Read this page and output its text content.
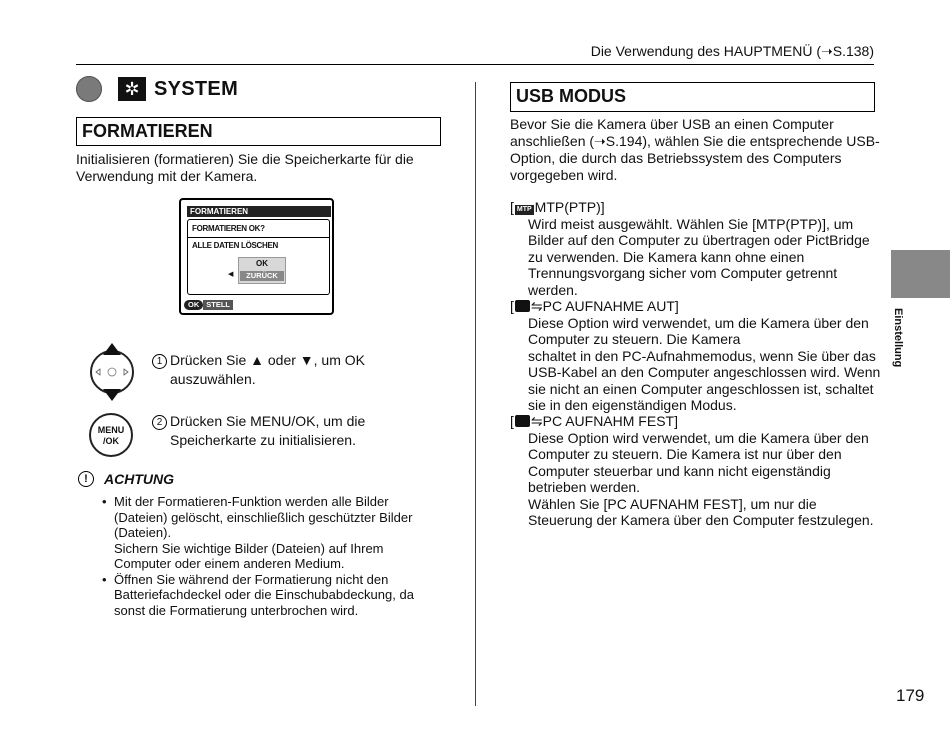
Die Verwendung des HAUPTMENÜ (➝S.138)
✲ SYSTEM
FORMATIEREN
Initialisieren (formatieren) Sie die Speicherkarte für die Verwendung mit der Kamera.
FORMATIEREN
FORMATIEREN OK?
ALLE DATEN LÖSCHEN
◀
OK
ZURÜCK
OK STELL
1 Drücken Sie ▲ oder ▼, um OK
auszuwählen.
MENU
/OK
2 Drücken Sie MENU/OK, um die
Speicherkarte zu initialisieren.
!	ACHTUNG
• Mit der Formatieren-Funktion werden alle Bilder (Dateien) gelöscht, einschließlich geschützter Bilder (Dateien).
Sichern Sie wichtige Bilder (Dateien) auf Ihrem Computer oder einem anderen Medium.
• Öffnen Sie während der Formatierung nicht den Batteriefachdeckel oder die Einschubabdeckung, da sonst die Formatierung unterbrochen wird.
USB MODUS
Bevor Sie die Kamera über USB an einen Computer anschließen (➝S.194), wählen Sie die entsprechende USB-Option, die durch das Betriebssystem des Computers vorgegeben wird.
[ MTP MTP(PTP)]
Wird meist ausgewählt. Wählen Sie [MTP(PTP)], um Bilder auf den Computer zu übertragen oder PictBridge zu verwenden. Die Kamera kann ohne einen Trennungsvorgang sicher vom Computer getrennt werden.
[ ⇋PC AUFNAHME AUT]
Diese Option wird verwendet, um die Kamera über den Computer zu steuern. Die Kamera
schaltet in den PC-Aufnahmemodus, wenn Sie über das USB-Kabel an den Computer angeschlossen wird. Wenn sie nicht an einen Computer angeschlossen ist, schaltet sie in den eigenständigen Modus.
[ ⇋PC AUFNAHM FEST]
Diese Option wird verwendet, um die Kamera über den Computer zu steuern. Die Kamera ist nur über den Computer steuerbar und kann nicht eigenständig betrieben werden.
Wählen Sie [PC AUFNAHM FEST], um nur die Steuerung der Kamera über den Computer festzulegen.
Einstellung
179
